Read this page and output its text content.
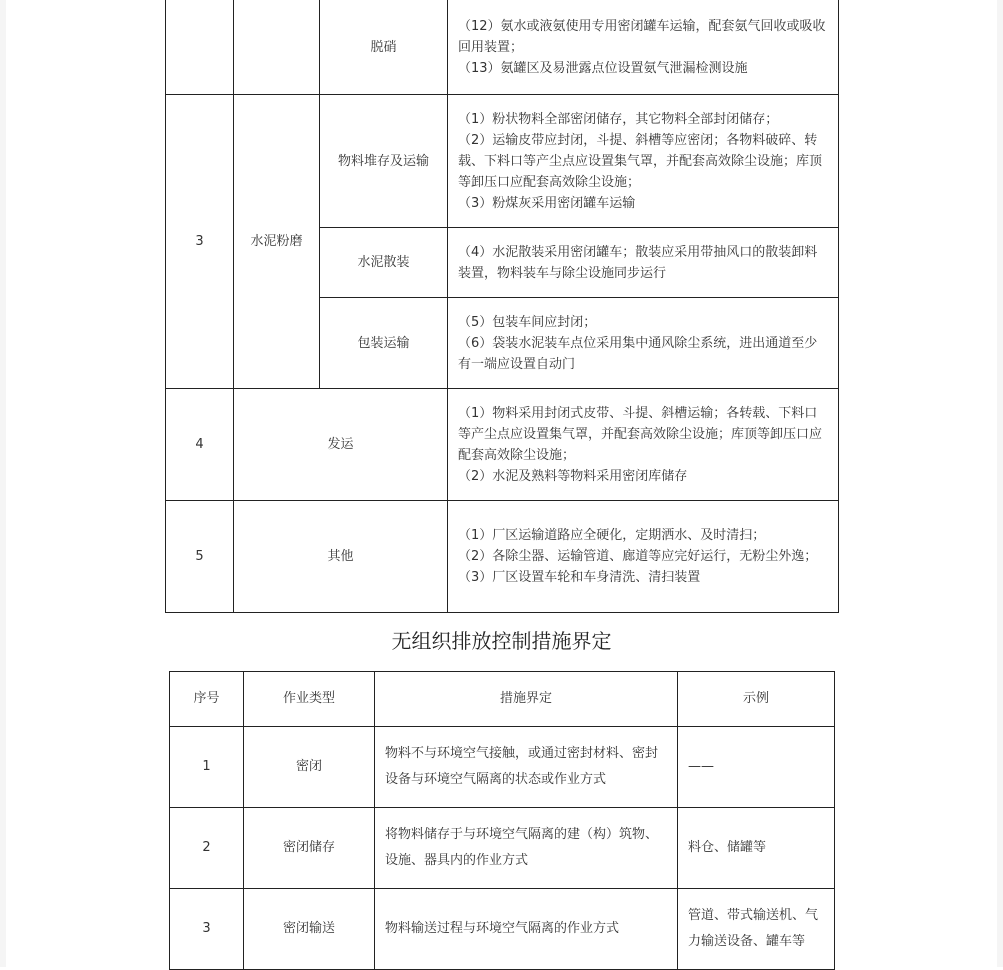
		脱硝	（12）氨水或液氨使用专用密闭罐车运输，配套氨气回收或吸收回用装置；
（13）氨罐区及易泄露点位设置氨气泄漏检测设施

3	水泥粉磨	物料堆存及运输	（1）粉状物料全部密闭储存，其它物料全部封闭储存；
（2）运输皮带应封闭，斗提、斜槽等应密闭；各物料破碎、转载、下料口等产尘点应设置集气罩，并配套高效除尘设施；库顶等卸压口应配套高效除尘设施；
（3）粉煤灰采用密闭罐车运输

		水泥散装	（4）水泥散装采用密闭罐车；散装应采用带抽风口的散装卸料装置，物料装车与除尘设施同步运行

		包装运输	（5）包装车间应封闭；
（6）袋装水泥装车点位采用集中通风除尘系统，进出通道至少有一端应设置自动门

4	发运		（1）物料采用封闭式皮带、斗提、斜槽运输；各转载、下料口等产尘点应设置集气罩，并配套高效除尘设施；库顶等卸压口应配套高效除尘设施；
（2）水泥及熟料等物料采用密闭库储存

5	其他		（1）厂区运输道路应全硬化，定期洒水、及时清扫；
（2）各除尘器、运输管道、廊道等应完好运行，无粉尘外逸；
（3）厂区设置车轮和车身清洗、清扫装置
无组织排放控制措施界定
序号	作业类型	措施界定	示例
1	密闭	物料不与环境空气接触，或通过密封材料、密封设备与环境空气隔离的状态或作业方式	——
2	密闭储存	将物料储存于与环境空气隔离的建（构）筑物、设施、器具内的作业方式	料仓、储罐等
3	密闭输送	物料输送过程与环境空气隔离的作业方式	管道、带式输送机、气力输送设备、罐车等
